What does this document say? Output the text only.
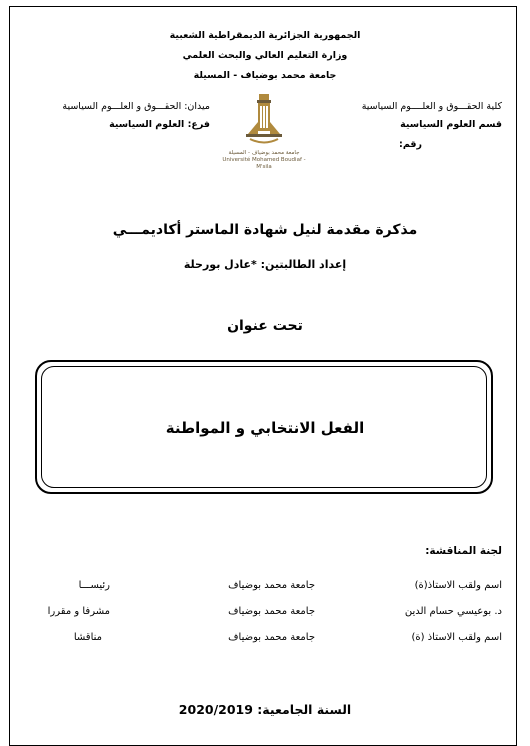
الجمهورية الجزائرية الديمقراطية الشعبية
وزارة التعليم العالي والبحث العلمي
جامعة محمد بوضياف - المسيلة
ميدان: الحقـــوق و العلـــوم السياسية
فرع: العلوم السياسية
كلية الحقـــوق و العلــــوم السياسية
قسم العلوم السياسية
رقم:
جامعة محمد بوضياف - المسيلة
Université Mohamed Boudiaf - M'sila
مذكرة مقدمة لنيل شهادة الماستر أكاديمـــي
إعداد الطالبتين: *عادل بورحلة
تحت عنوان
الفعل الانتخابي و المواطنة
لجنة المناقشة:
اسم ولقب الاستاذ(ة)
جامعة محمد بوضياف
رئيســـا
د. بوعيسي حسام الدين
جامعة محمد بوضياف
مشرفا و مقررا
اسم ولقب الاستاذ (ة)
جامعة محمد بوضياف
مناقشا
السنة الجامعية: 2020/2019
